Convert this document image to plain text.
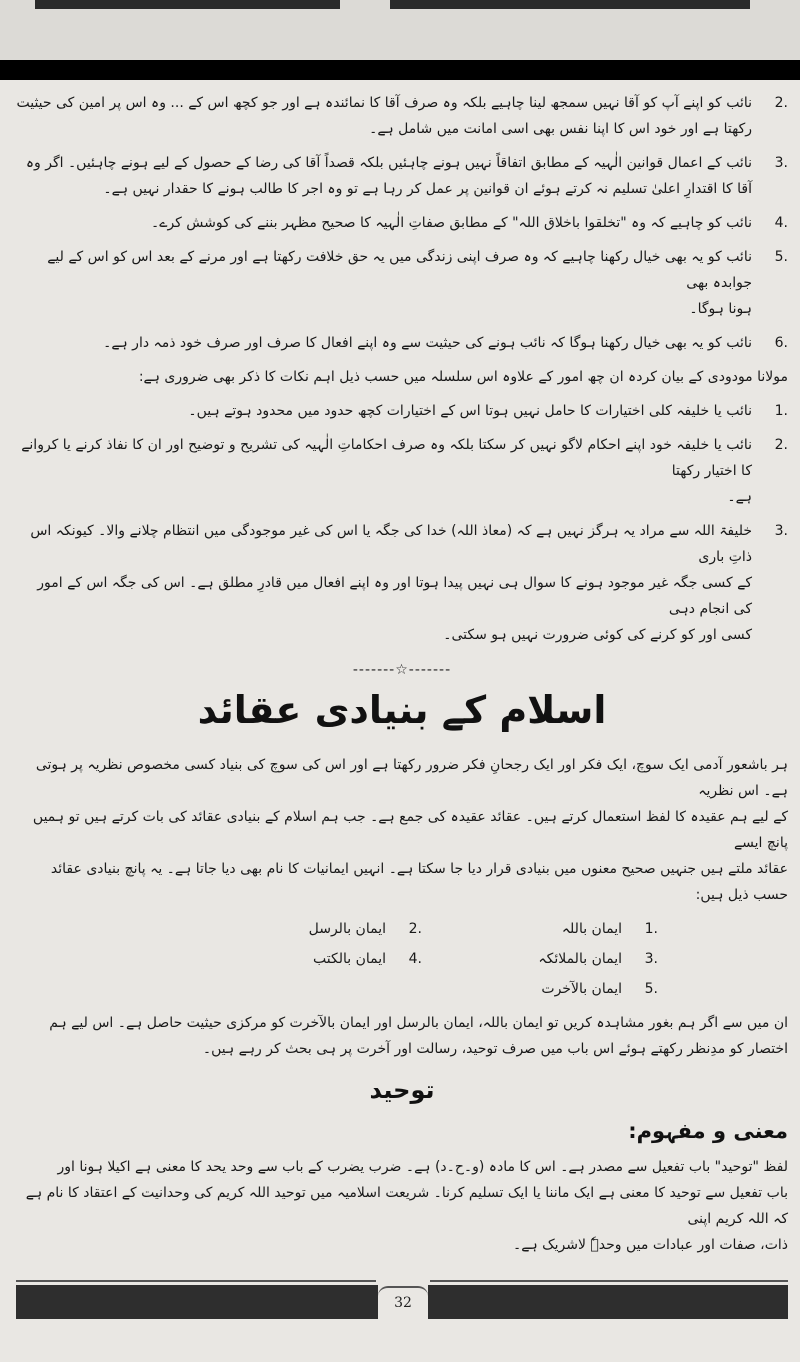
2.
نائب کو اپنے آپ کو آقا نہیں سمجھ لینا چاہیے بلکہ وہ صرف آقا کا نمائندہ ہے اور جو کچھ اس کے ... وہ اس پر امین کی حیثیت
رکھتا ہے اور خود اس کا اپنا نفس بھی اسی امانت میں شامل ہے۔
3.
نائب کے اعمال قوانین الٰہیہ کے مطابق اتفاقاً نہیں ہونے چاہئیں بلکہ قصداً آقا کی رضا کے حصول کے لیے ہونے چاہئیں۔ اگر وہ
آقا کا اقتدارِ اعلیٰ تسلیم نہ کرتے ہوئے ان قوانین پر عمل کر رہا ہے تو وہ اجر کا طالب ہونے کا حقدار نہیں ہے۔
4.
نائب کو چاہیے کہ وہ "تخلقوا باخلاق اللہ" کے مطابق صفاتِ الٰہیہ کا صحیح مظہر بننے کی کوشش کرے۔
5.
نائب کو یہ بھی خیال رکھنا چاہیے کہ وہ صرف اپنی زندگی میں یہ حق خلافت رکھتا ہے اور مرنے کے بعد اس کو اس کے لیے جوابدہ بھی
ہونا ہوگا۔
6.
نائب کو یہ بھی خیال رکھنا ہوگا کہ نائب ہونے کی حیثیت سے وہ اپنے افعال کا صرف اور صرف خود ذمہ دار ہے۔
مولانا مودودی کے بیان کردہ ان چھ امور کے علاوہ اس سلسلہ میں حسب ذیل اہم نکات کا ذکر بھی ضروری ہے:
1.
نائب یا خلیفہ کلی اختیارات کا حامل نہیں ہوتا اس کے اختیارات کچھ حدود میں محدود ہوتے ہیں۔
2.
نائب یا خلیفہ خود اپنے احکام لاگو نہیں کر سکتا بلکہ وہ صرف احکاماتِ الٰہیہ کی تشریح و توضیح اور ان کا نفاذ کرنے یا کروانے کا اختیار رکھتا
ہے۔
3.
خلیفۃ اللہ سے مراد یہ ہرگز نہیں ہے کہ (معاذ اللہ) خدا کی جگہ یا اس کی غیر موجودگی میں انتظام چلانے والا۔ کیونکہ اس ذاتِ باری
کے کسی جگہ غیر موجود ہونے کا سوال ہی نہیں پیدا ہوتا اور وہ اپنے افعال میں قادرِ مطلق ہے۔ اس کی جگہ اس کے امور کی انجام دہی
کسی اور کو کرنے کی کوئی ضرورت نہیں ہو سکتی۔
-------☆-------
اسلام کے بنیادی عقائد
ہر باشعور آدمی ایک سوچ، ایک فکر اور ایک رجحانِ فکر ضرور رکھتا ہے اور اس کی سوچ کی بنیاد کسی مخصوص نظریہ پر ہوتی ہے۔ اس نظریہ
کے لیے ہم عقیدہ کا لفظ استعمال کرتے ہیں۔ عقائد عقیدہ کی جمع ہے۔ جب ہم اسلام کے بنیادی عقائد کی بات کرتے ہیں تو ہمیں پانچ ایسے
عقائد ملتے ہیں جنہیں صحیح معنوں میں بنیادی قرار دیا جا سکتا ہے۔ انہیں ایمانیات کا نام بھی دیا جاتا ہے۔ یہ پانچ بنیادی عقائد حسب ذیل ہیں:
1.
ایمان باللہ
2.
ایمان بالرسل
3.
ایمان بالملائکہ
4.
ایمان بالکتب
5.
ایمان بالآخرت
ان میں سے اگر ہم بغور مشاہدہ کریں تو ایمان باللہ، ایمان بالرسل اور ایمان بالآخرت کو مرکزی حیثیت حاصل ہے۔ اس لیے ہم
اختصار کو مدِنظر رکھتے ہوئے اس باب میں صرف توحید، رسالت اور آخرت پر ہی بحث کر رہے ہیں۔
توحید
معنی و مفہوم:
لفظ "توحید" باب تفعیل سے مصدر ہے۔ اس کا مادہ (و۔ح۔د) ہے۔ ضرب یضرب کے باب سے وحد یحد کا معنی ہے اکیلا ہونا اور
باب تفعیل سے توحید کا معنی ہے ایک ماننا یا ایک تسلیم کرنا۔ شریعت اسلامیہ میں توحید اللہ کریم کی وحدانیت کے اعتقاد کا نام ہے کہ اللہ کریم اپنی
ذات، صفات اور عبادات میں وحدہٗ لاشریک ہے۔
32
